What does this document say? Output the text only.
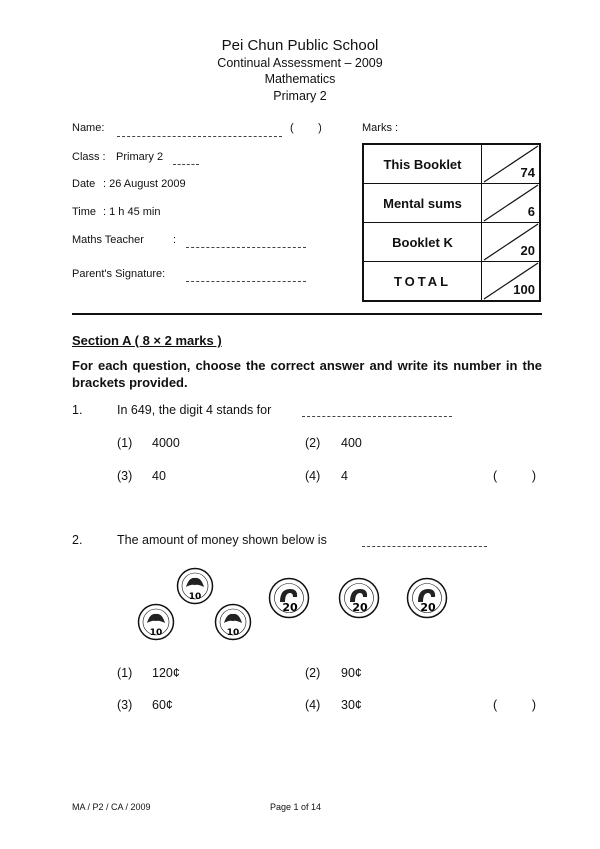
Pei Chun Public School
Continual Assessment – 2009
Mathematics
Primary 2
Name:	(        )	Marks :
Class : Primary 2
Date : 26 August 2009
Time : 1 h 45 min
Maths Teacher	:
Parent's Signature:
This Booklet	74

Mental sums	6

Booklet K	20

TOTAL	100
Section A ( 8 × 2 marks )
For each question, choose the correct answer and write its number in the brackets provided.
1.	In 649, the digit 4 stands for
(1) 4000	(2) 400
(3) 40	(4) 4	(          )
2.	The amount of money shown below is
10
10	10
20	20	20
(1) 120¢	(2) 90¢
(3) 60¢	(4) 30¢	(          )
MA / P2 / CA / 2009	Page 1 of 14
